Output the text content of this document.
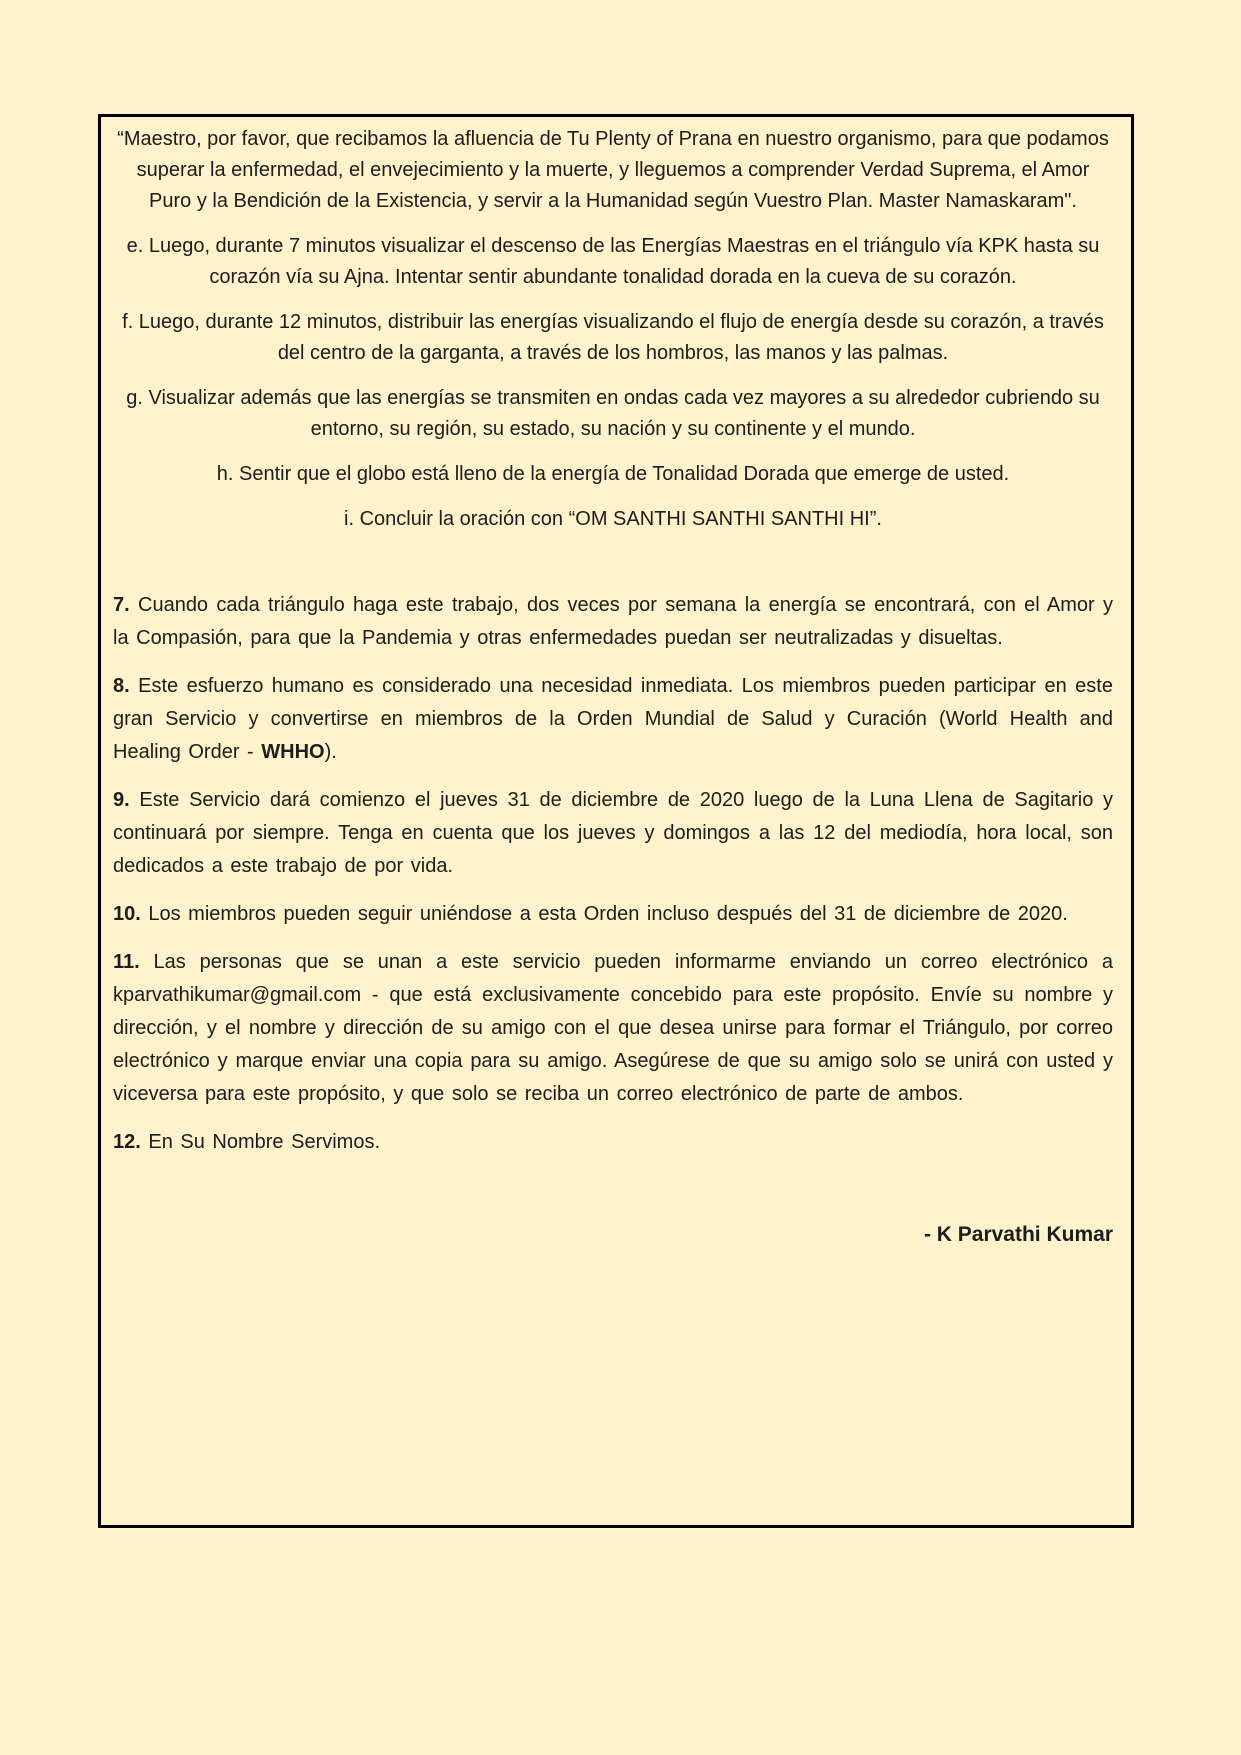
“Maestro, por favor, que recibamos la afluencia de Tu Plenty of Prana en nuestro organismo, para que podamos superar la enfermedad, el envejecimiento y la muerte, y lleguemos a comprender Verdad Suprema, el Amor Puro y la Bendición de la Existencia, y servir a la Humanidad según Vuestro Plan. Master Namaskaram".

e. Luego, durante 7 minutos visualizar el descenso de las Energías Maestras en el triángulo vía KPK hasta su corazón vía su Ajna. Intentar sentir abundante tonalidad dorada en la cueva de su corazón.

f. Luego, durante 12 minutos, distribuir las energías visualizando el flujo de energía desde su corazón, a través del centro de la garganta, a través de los hombros, las manos y las palmas.

g. Visualizar además que las energías se transmiten en ondas cada vez mayores a su alrededor cubriendo su entorno, su región, su estado, su nación y su continente y el mundo.

h. Sentir que el globo está lleno de la energía de Tonalidad Dorada que emerge de usted.

i. Concluir la oración con “OM SANTHI SANTHI SANTHI HI”.

7. Cuando cada triángulo haga este trabajo, dos veces por semana la energía se encontrará, con el Amor y la Compasión, para que la Pandemia y otras enfermedades puedan ser neutralizadas y disueltas.

8. Este esfuerzo humano es considerado una necesidad inmediata. Los miembros pueden participar en este gran Servicio y convertirse en miembros de la Orden Mundial de Salud y Curación (World Health and Healing Order - WHHO).

9. Este Servicio dará comienzo el jueves 31 de diciembre de 2020 luego de la Luna Llena de Sagitario y continuará por siempre. Tenga en cuenta que los jueves y domingos a las 12 del mediodía, hora local, son dedicados a este trabajo de por vida.

10. Los miembros pueden seguir uniéndose a esta Orden incluso después del 31 de diciembre de 2020.

11. Las personas que se unan a este servicio pueden informarme enviando un correo electrónico a kparvathikumar@gmail.com - que está exclusivamente concebido para este propósito. Envíe su nombre y dirección, y el nombre y dirección de su amigo con el que desea unirse para formar el Triángulo, por correo electrónico y marque enviar una copia para su amigo. Asegúrese de que su amigo solo se unirá con usted y viceversa para este propósito, y que solo se reciba un correo electrónico de parte de ambos.

12. En Su Nombre Servimos.

- K Parvathi Kumar
